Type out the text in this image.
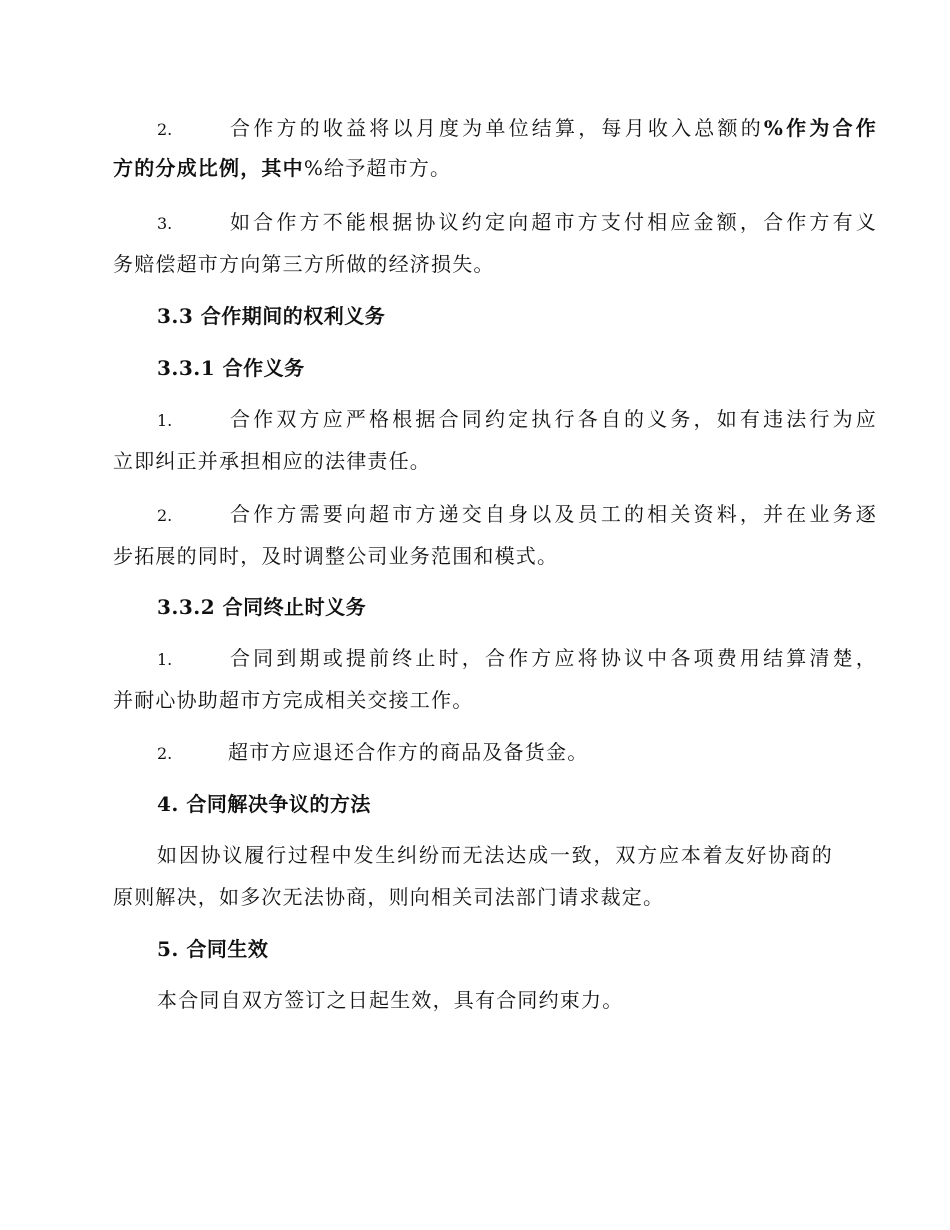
2.	合作方的收益将以月度为单位结算，每月收入总额的%作为合作
方的分成比例，其中%给予超市方。
3.	如合作方不能根据协议约定向超市方支付相应金额，合作方有义
务赔偿超市方向第三方所做的经济损失。
3.3 合作期间的权利义务
3.3.1 合作义务
1.	合作双方应严格根据合同约定执行各自的义务，如有违法行为应
立即纠正并承担相应的法律责任。
2.	合作方需要向超市方递交自身以及员工的相关资料，并在业务逐
步拓展的同时，及时调整公司业务范围和模式。
3.3.2 合同终止时义务
1.	合同到期或提前终止时，合作方应将协议中各项费用结算清楚，
并耐心协助超市方完成相关交接工作。
2.	超市方应退还合作方的商品及备货金。
4. 合同解决争议的方法
如因协议履行过程中发生纠纷而无法达成一致，双方应本着友好协商的
原则解决，如多次无法协商，则向相关司法部门请求裁定。
5. 合同生效
本合同自双方签订之日起生效，具有合同约束力。
